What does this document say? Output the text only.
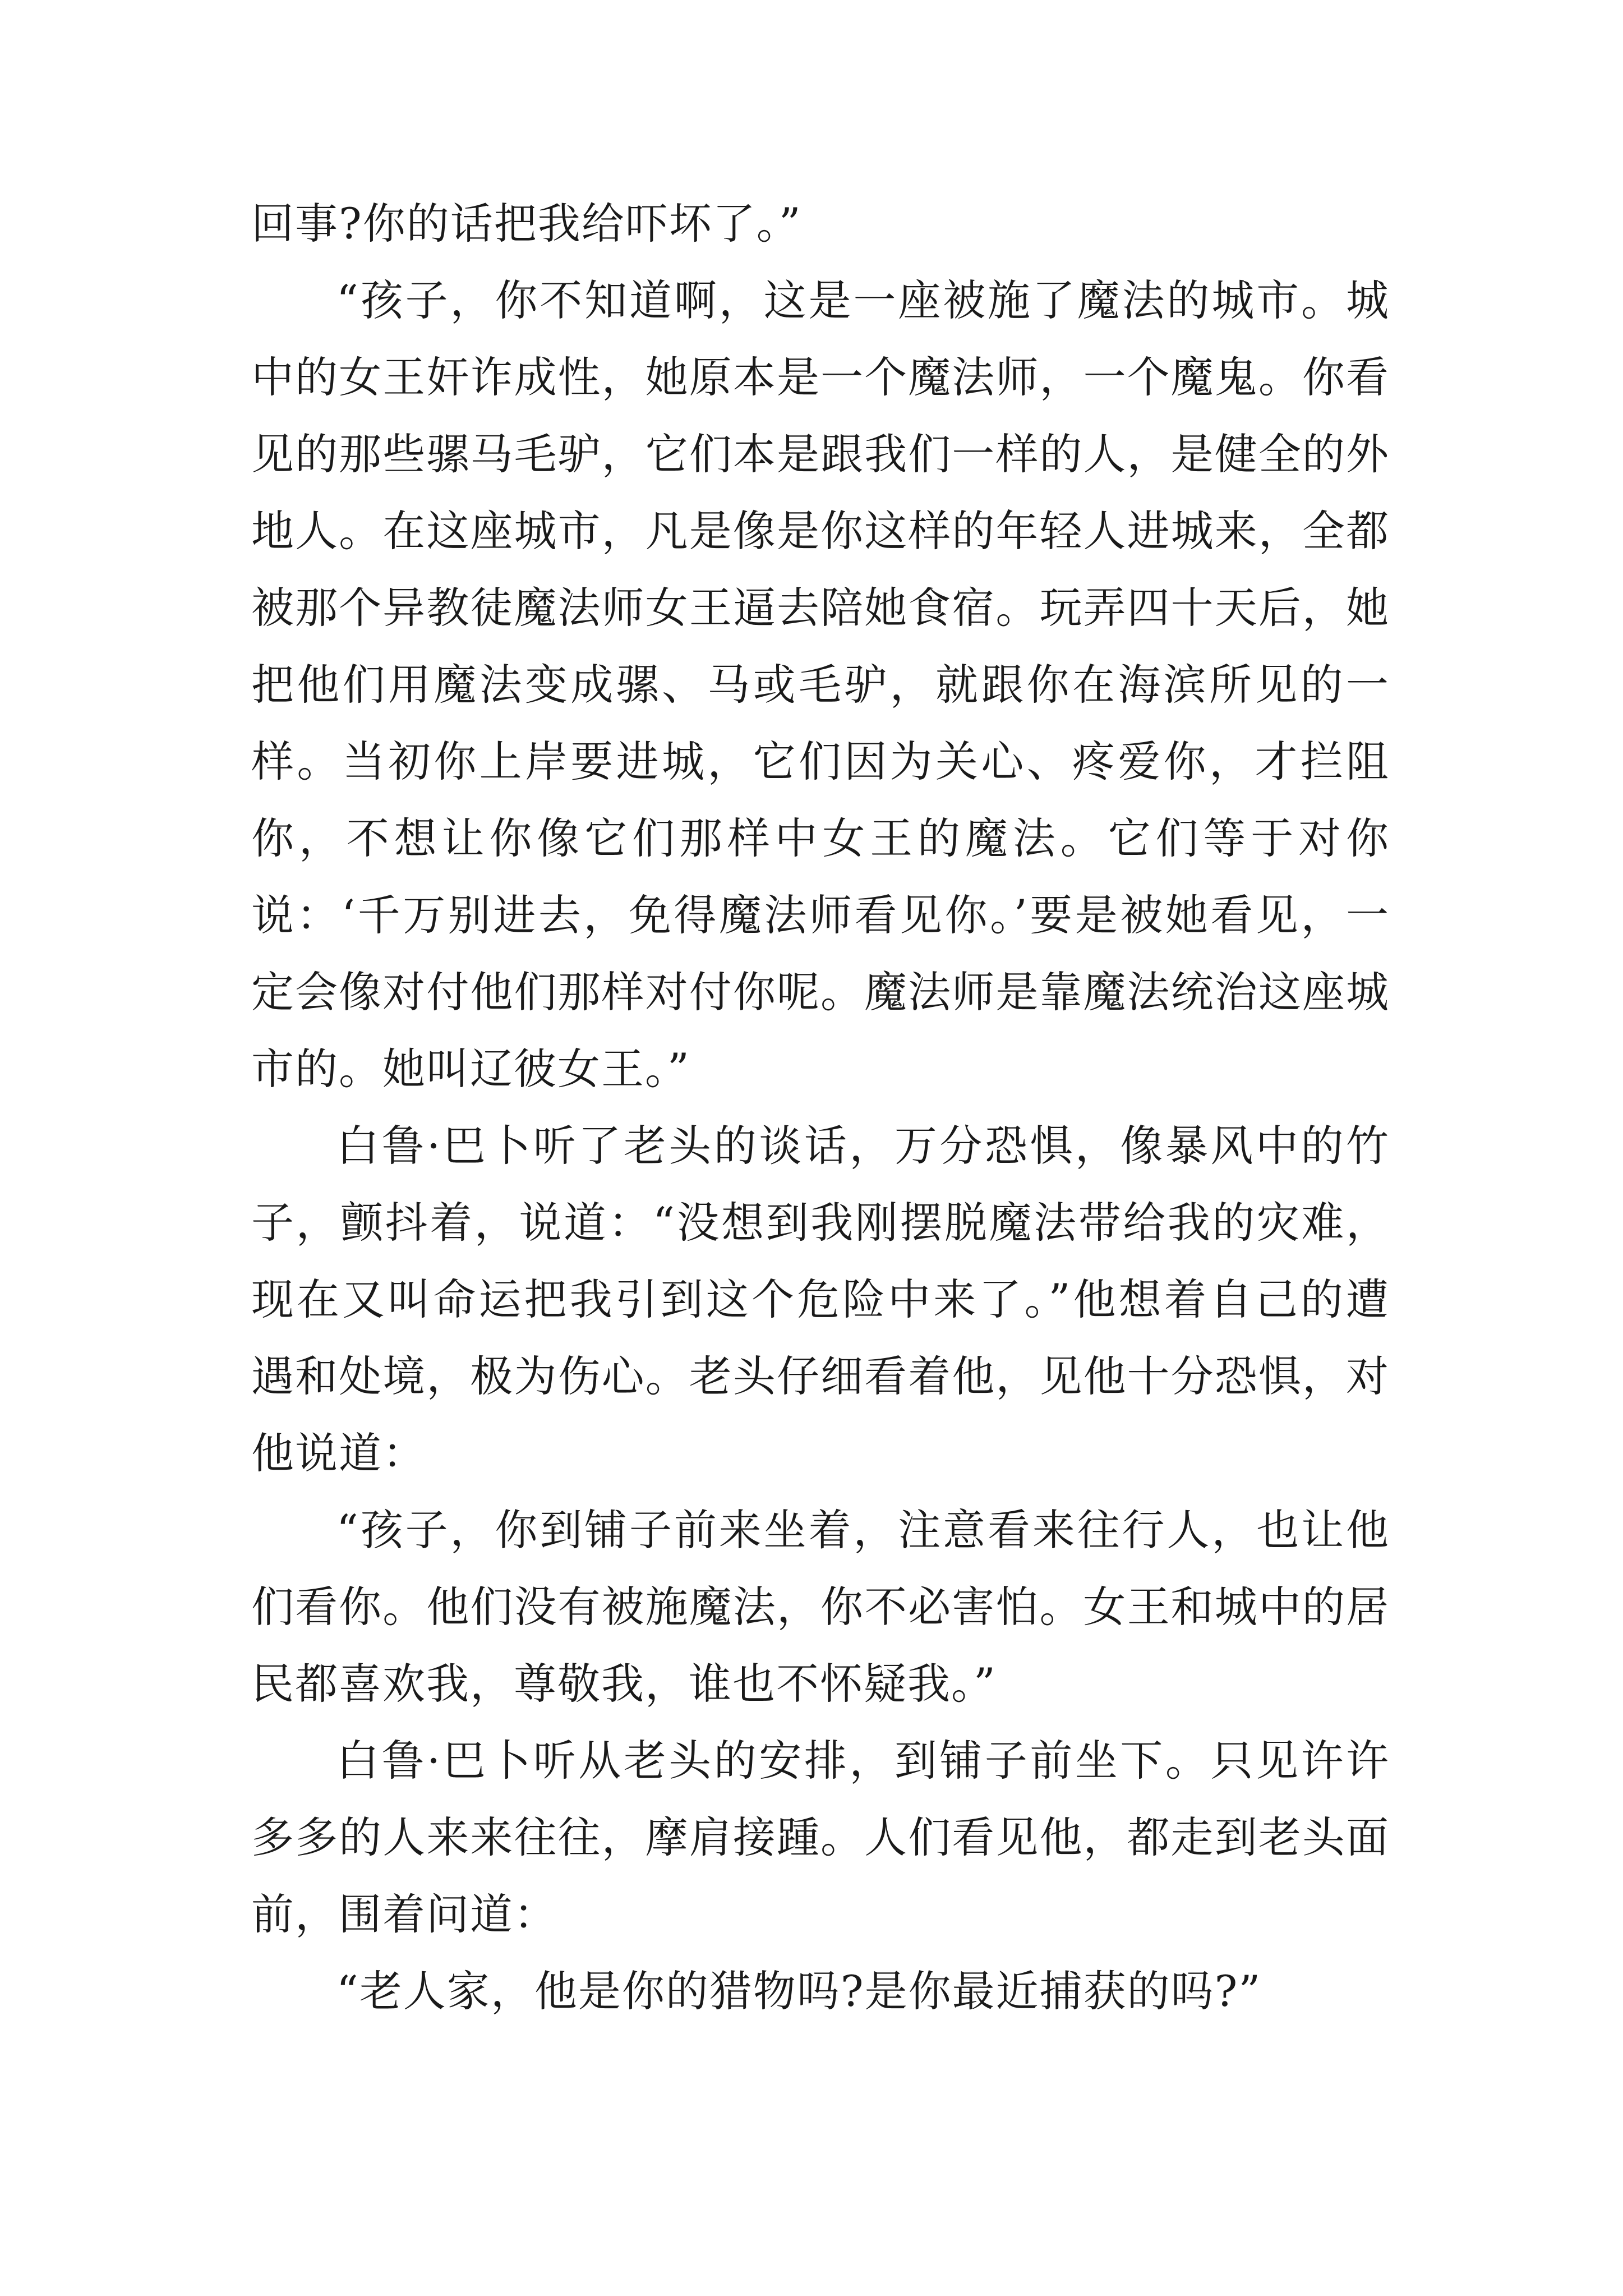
回事?你的话把我给吓坏了。”

“孩子，你不知道啊，这是一座被施了魔法的城市。城中的女王奸诈成性，她原本是一个魔法师，一个魔鬼。你看见的那些骡马毛驴，它们本是跟我们一样的人，是健全的外地人。在这座城市，凡是像是你这样的年轻人进城来，全都被那个异教徒魔法师女王逼去陪她食宿。玩弄四十天后，她把他们用魔法变成骡、马或毛驴，就跟你在海滨所见的一样。当初你上岸要进城，它们因为关心、疼爱你，才拦阻你，不想让你像它们那样中女王的魔法。它们等于对你说：‘千万别进去，免得魔法师看见你。’要是被她看见，一定会像对付他们那样对付你呢。魔法师是靠魔法统治这座城市的。她叫辽彼女王。”

白鲁·巴卜听了老头的谈话，万分恐惧，像暴风中的竹子，颤抖着，说道：“没想到我刚摆脱魔法带给我的灾难，现在又叫命运把我引到这个危险中来了。”他想着自己的遭遇和处境，极为伤心。老头仔细看着他，见他十分恐惧，对他说道：

“孩子，你到铺子前来坐着，注意看来往行人，也让他们看你。他们没有被施魔法，你不必害怕。女王和城中的居民都喜欢我，尊敬我，谁也不怀疑我。”

白鲁·巴卜听从老头的安排，到铺子前坐下。只见许许多多的人来来往往，摩肩接踵。人们看见他，都走到老头面前，围着问道：

“老人家，他是你的猎物吗?是你最近捕获的吗?”
